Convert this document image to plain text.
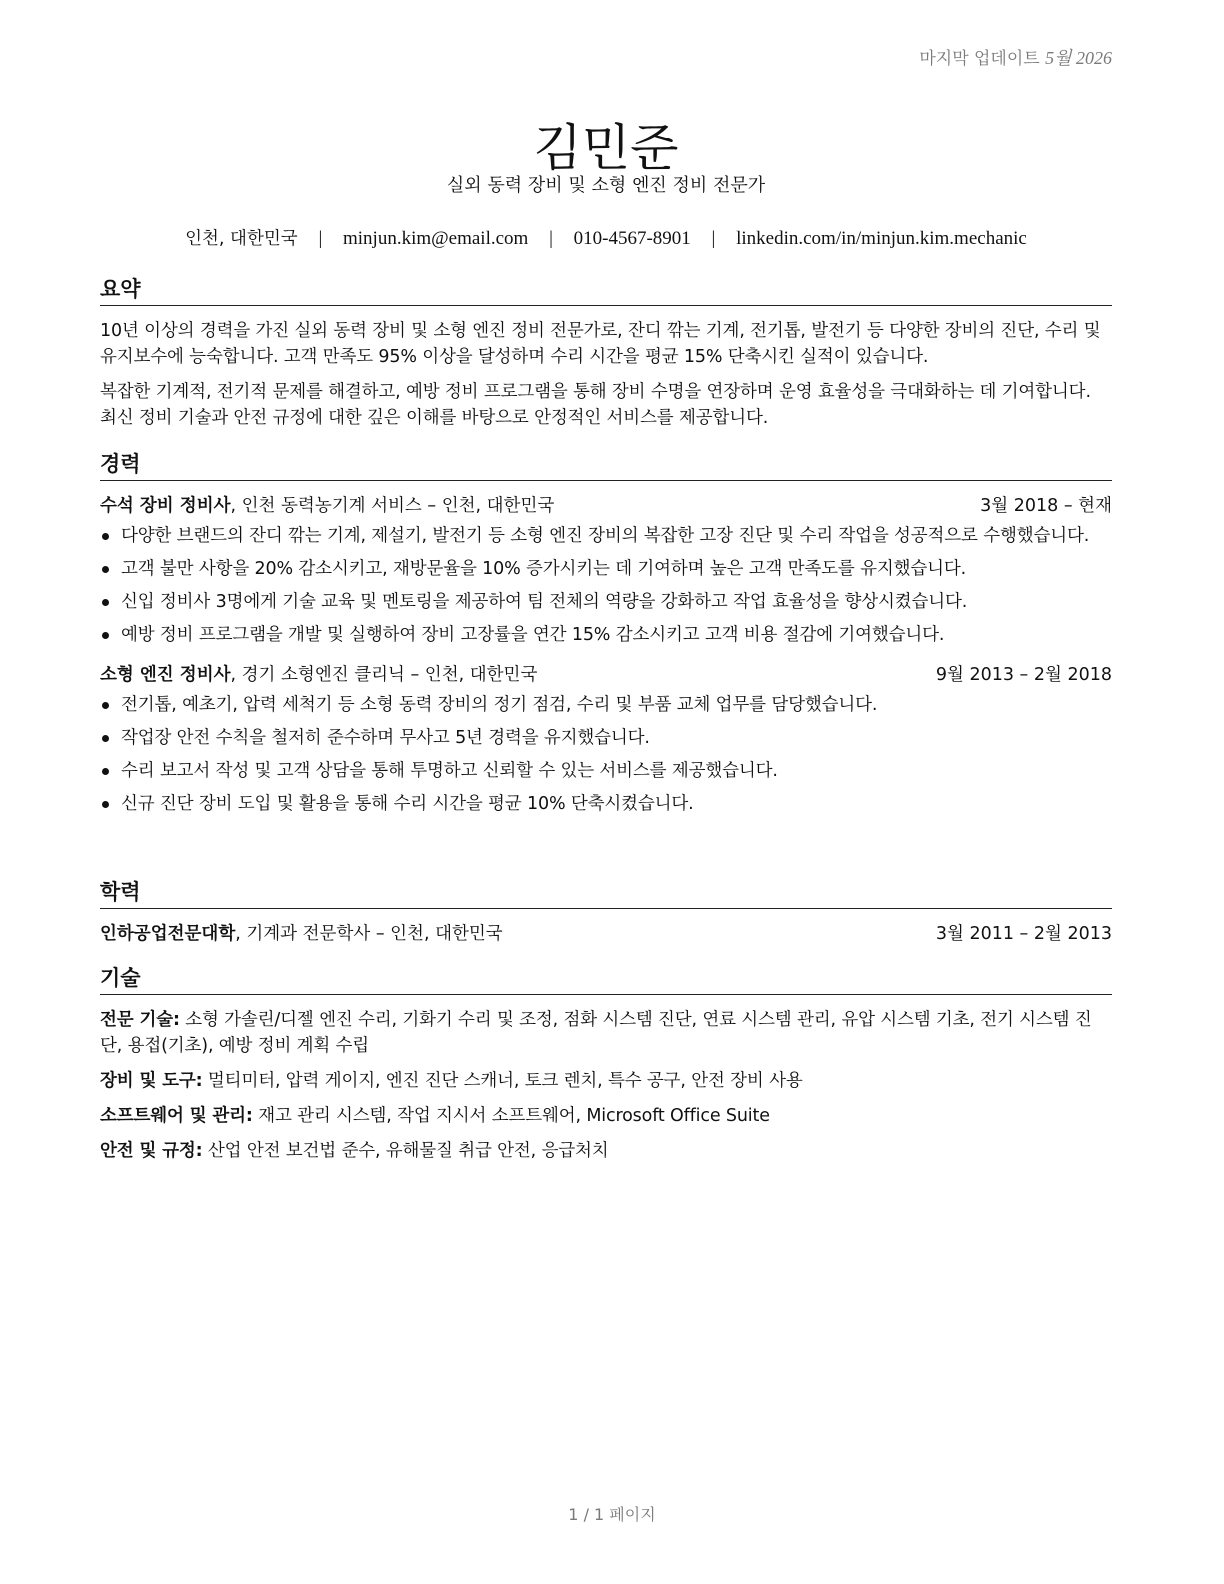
마지막 업데이트 5월 2026
김민준
실외 동력 장비 및 소형 엔진 정비 전문가
인천, 대한민국 | minjun.kim@email.com | 010-4567-8901 | linkedin.com/in/minjun.kim.mechanic
요약

10년 이상의 경력을 가진 실외 동력 장비 및 소형 엔진 정비 전문가로, 잔디 깎는 기계, 전기톱, 발전기 등 다양한 장비의 진단, 수리 및 유지보수에 능숙합니다. 고객 만족도 95% 이상을 달성하며 수리 시간을 평균 15% 단축시킨 실적이 있습니다.

복잡한 기계적, 전기적 문제를 해결하고, 예방 정비 프로그램을 통해 장비 수명을 연장하며 운영 효율성을 극대화하는 데 기여합니다. 최신 정비 기술과 안전 규정에 대한 깊은 이해를 바탕으로 안정적인 서비스를 제공합니다.

경력
수석 장비 정비사, 인천 동력농기계 서비스 – 인천, 대한민국	3월 2018 – 현재
다양한 브랜드의 잔디 깎는 기계, 제설기, 발전기 등 소형 엔진 장비의 복잡한 고장 진단 및 수리 작업을 성공적으로 수행했습니다.
고객 불만 사항을 20% 감소시키고, 재방문율을 10% 증가시키는 데 기여하며 높은 고객 만족도를 유지했습니다.
신입 정비사 3명에게 기술 교육 및 멘토링을 제공하여 팀 전체의 역량을 강화하고 작업 효율성을 향상시켰습니다.
예방 정비 프로그램을 개발 및 실행하여 장비 고장률을 연간 15% 감소시키고 고객 비용 절감에 기여했습니다.
소형 엔진 정비사, 경기 소형엔진 클리닉 – 인천, 대한민국	9월 2013 – 2월 2018
전기톱, 예초기, 압력 세척기 등 소형 동력 장비의 정기 점검, 수리 및 부품 교체 업무를 담당했습니다.
작업장 안전 수칙을 철저히 준수하며 무사고 5년 경력을 유지했습니다.
수리 보고서 작성 및 고객 상담을 통해 투명하고 신뢰할 수 있는 서비스를 제공했습니다.
신규 진단 장비 도입 및 활용을 통해 수리 시간을 평균 10% 단축시켰습니다.
학력
인하공업전문대학, 기계과 전문학사 – 인천, 대한민국	3월 2011 – 2월 2013
기술
전문 기술: 소형 가솔린/디젤 엔진 수리, 기화기 수리 및 조정, 점화 시스템 진단, 연료 시스템 관리, 유압 시스템 기초, 전기 시스템 진단, 용접(기초), 예방 정비 계획 수립
장비 및 도구: 멀티미터, 압력 게이지, 엔진 진단 스캐너, 토크 렌치, 특수 공구, 안전 장비 사용
소프트웨어 및 관리: 재고 관리 시스템, 작업 지시서 소프트웨어, Microsoft Office Suite
안전 및 규정: 산업 안전 보건법 준수, 유해물질 취급 안전, 응급처치
1 / 1 페이지
